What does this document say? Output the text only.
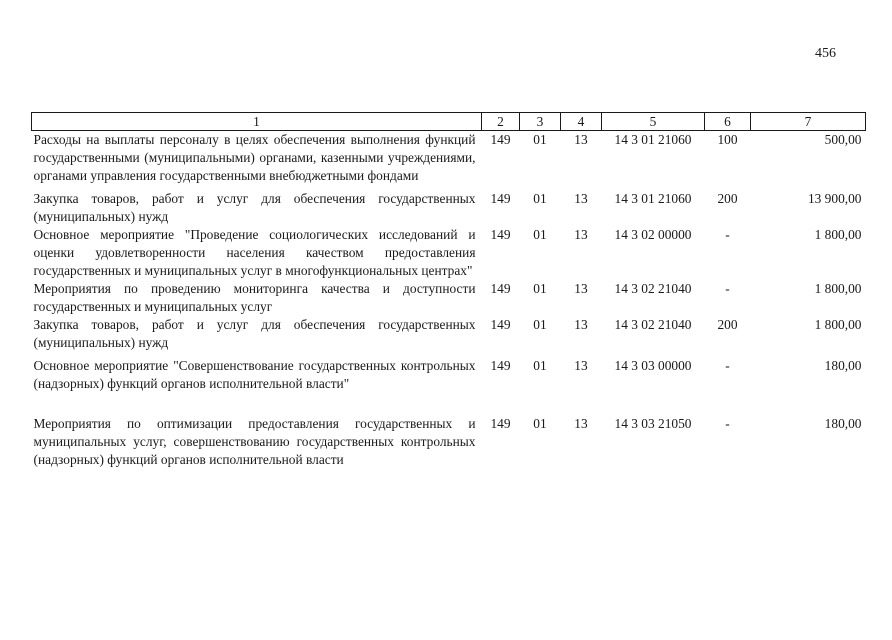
456
1	2	3	4	5	6	7
Расходы на выплаты персоналу в целях обеспечения выполнения функций государственными (муниципальными) органами, казенными учреждениями, органами управления государственными внебюджетными фондами	149	01	13	14 3 01 21060	100	500,00
Закупка товаров, работ и услуг для обеспечения государственных (муниципальных) нужд	149	01	13	14 3 01 21060	200	13 900,00
Основное мероприятие "Проведение социологических исследований и оценки удовлетворенности населения качеством предоставления государственных и муниципальных услуг в многофункциональных центрах"	149	01	13	14 3 02 00000	-	1 800,00
Мероприятия по проведению мониторинга качества и доступности государственных и муниципальных услуг	149	01	13	14 3 02 21040	-	1 800,00
Закупка товаров, работ и услуг для обеспечения государственных (муниципальных) нужд	149	01	13	14 3 02 21040	200	1 800,00
Основное мероприятие "Совершенствование государственных контрольных (надзорных) функций органов исполнительной власти"	149	01	13	14 3 03 00000	-	180,00
Мероприятия по оптимизации предоставления государственных и муниципальных услуг, совершенствованию государственных контрольных (надзорных) функций органов исполнительной власти	149	01	13	14 3 03 21050	-	180,00
